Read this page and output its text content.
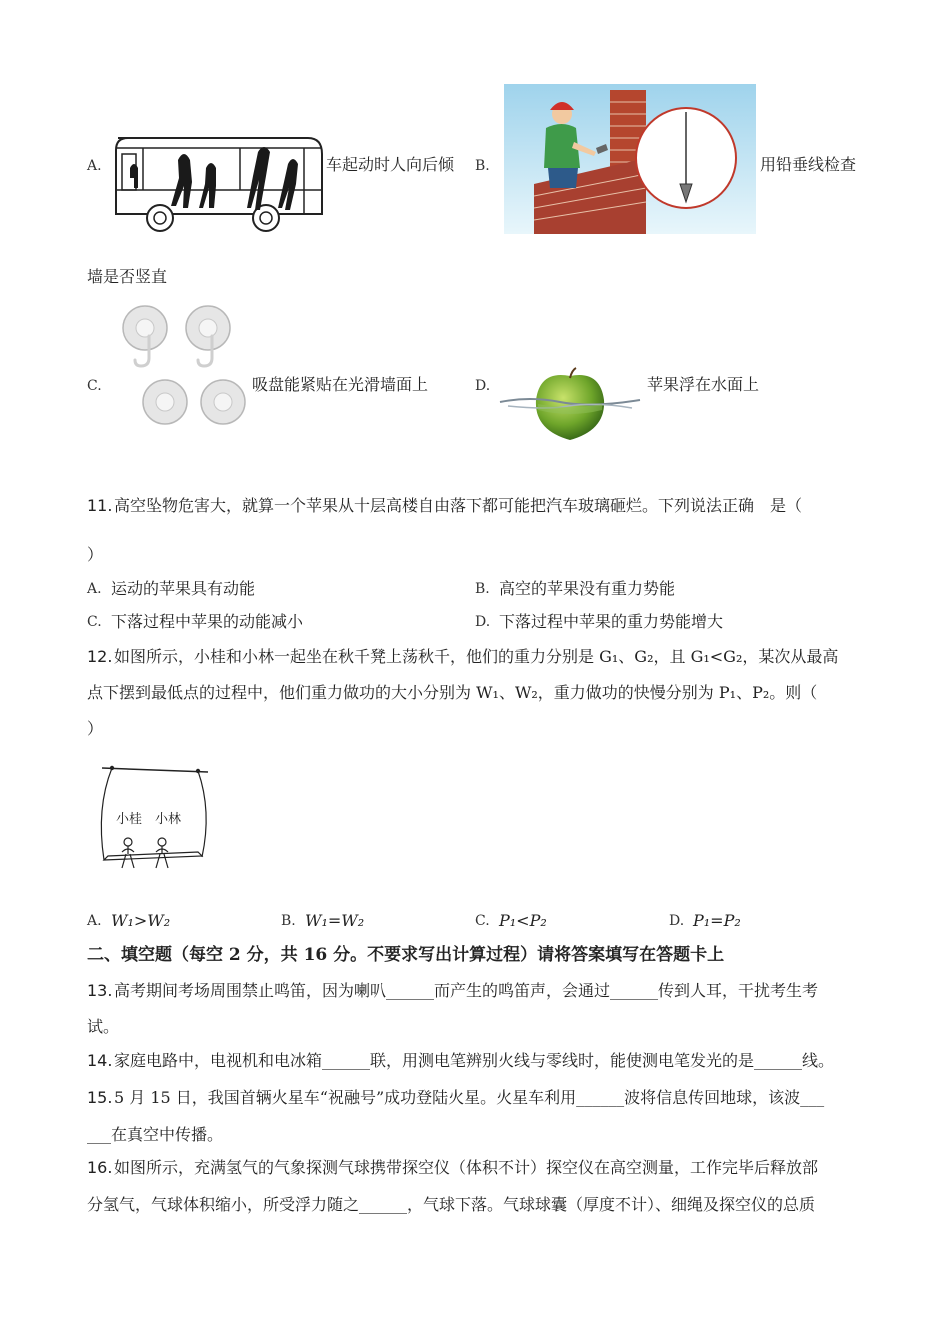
A.	车起动时人向后倾 B.	用铅垂线检查
墙是否竖直
C.	吸盘能紧贴在光滑墙面上	D.	苹果浮在水面上
11. 高空坠物危害大，就算一个苹果从十层高楼自由落下都可能把汽车玻璃砸烂。下列说法正确　是（
）
A. 运动的苹果具有动能	B. 高空的苹果没有重力势能
C. 下落过程中苹果的动能减小	D. 下落过程中苹果的重力势能增大
12. 如图所示，小桂和小林一起坐在秋千凳上荡秋千，他们的重力分别是 G₁、G₂，且 G₁<G₂，某次从最高
点下摆到最低点的过程中，他们重力做功的大小分别为 W₁、W₂，重力做功的快慢分别为 P₁、P₂。则（
）
小桂 小林
A. W₁>W₂	B. W₁=W₂	C. P₁<P₂	D. P₁=P₂
二、填空题（每空 2 分，共 16 分。不要求写出计算过程）请将答案填写在答题卡上
13. 高考期间考场周围禁止鸣笛，因为喇叭______而产生的鸣笛声，会通过______传到人耳，干扰考生考
试。
14. 家庭电路中，电视机和电冰箱______联，用测电笔辨别火线与零线时，能使测电笔发光的是______线。
15. 5 月 15 日，我国首辆火星车“祝融号”成功登陆火星。火星车利用______波将信息传回地球，该波___
___在真空中传播。
16. 如图所示，充满氢气的气象探测气球携带探空仪（体积不计）探空仪在高空测量，工作完毕后释放部
分氢气，气球体积缩小，所受浮力随之______，气球下落。气球球囊（厚度不计）、细绳及探空仪的总质
